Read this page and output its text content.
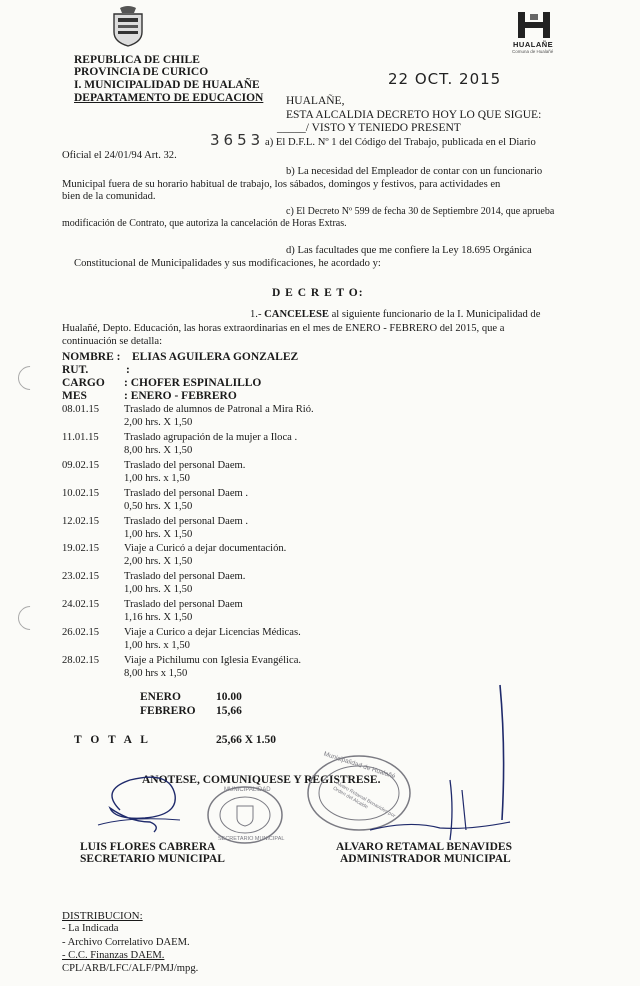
HUALAÑE
Comuna de Hualañé
REPUBLICA DE CHILE
PROVINCIA DE CURICO
I. MUNICIPALIDAD DE HUALAÑE
DEPARTAMENTO DE EDUCACION
22 OCT. 2015
HUALAÑE,
ESTA ALCALDIA DECRETO HOY LO QUE SIGUE:
_____/ VISTO Y TENIEDO PRESENT
3653 a) El D.F.L. Nº 1 del Código del Trabajo, publicada en el Diario
Oficial el 24/01/94 Art. 32.
b) La necesidad del Empleador de contar con un funcionario
Municipal fuera de su horario habitual de trabajo, los sábados, domingos y festivos, para actividades en
bien de la comunidad.
c) El Decreto Nº 599 de fecha 30 de Septiembre 2014, que aprueba
modificación de Contrato, que autoriza la cancelación de Horas Extras.
d) Las facultades que me confiere la Ley 18.695 Orgánica
Constitucional de Municipalidades y sus modificaciones, he acordado y:
D E C R E T O:
1.- CANCELESE al siguiente funcionario de la I. Municipalidad de
Hualañé, Depto. Educación, las horas extraordinarias en el mes de ENERO - FEBRERO del 2015, que a
continuación se detalla:
NOMBRE : ELIAS AGUILERA GONZALEZ
RUT.	:
CARGO : CHOFER ESPINALILLO
MES	: ENERO - FEBRERO
08.01.15 Traslado de alumnos de Patronal a Mira Rió.
2,00 hrs. X 1,50
11.01.15 Traslado agrupación de la mujer a Iloca .
8,00 hrs. X 1,50
09.02.15 Traslado del personal Daem.
1,00 hrs. x 1,50
10.02.15 Traslado del personal Daem .
0,50 hrs. X 1,50
12.02.15 Traslado del personal Daem .
1,00 hrs. X 1,50
19.02.15 Viaje a Curicó a dejar documentación.
2,00 hrs. X 1,50
23.02.15 Traslado del personal Daem.
1,00 hrs. X 1,50
24.02.15 Traslado del personal Daem
1,16 hrs. X 1,50
26.02.15 Viaje a Curico a dejar Licencias Médicas.
1,00 hrs. x 1,50
28.02.15 Viaje a Pichilumu con Iglesia Evangélica.
8,00 hrs x 1,50
ENERO	10.00
FEBRERO 15,66
T O T A L	25,66 X 1.50
ANOTESE, COMUNIQUESE Y REGISTRESE.
MUNICIPALIDAD
SECRETARIO MUNICIPAL
Municipalidad de Hualañé
Alvaro Retamal Benavides por Orden del Alcalde
LUIS FLORES CABRERA
SECRETARIO MUNICIPAL
ALVARO RETAMAL BENAVIDES
ADMINISTRADOR MUNICIPAL
DISTRIBUCION:
- La Indicada
- Archivo Correlativo DAEM.
- C.C. Finanzas DAEM.
CPL/ARB/LFC/ALF/PMJ/mpg.
